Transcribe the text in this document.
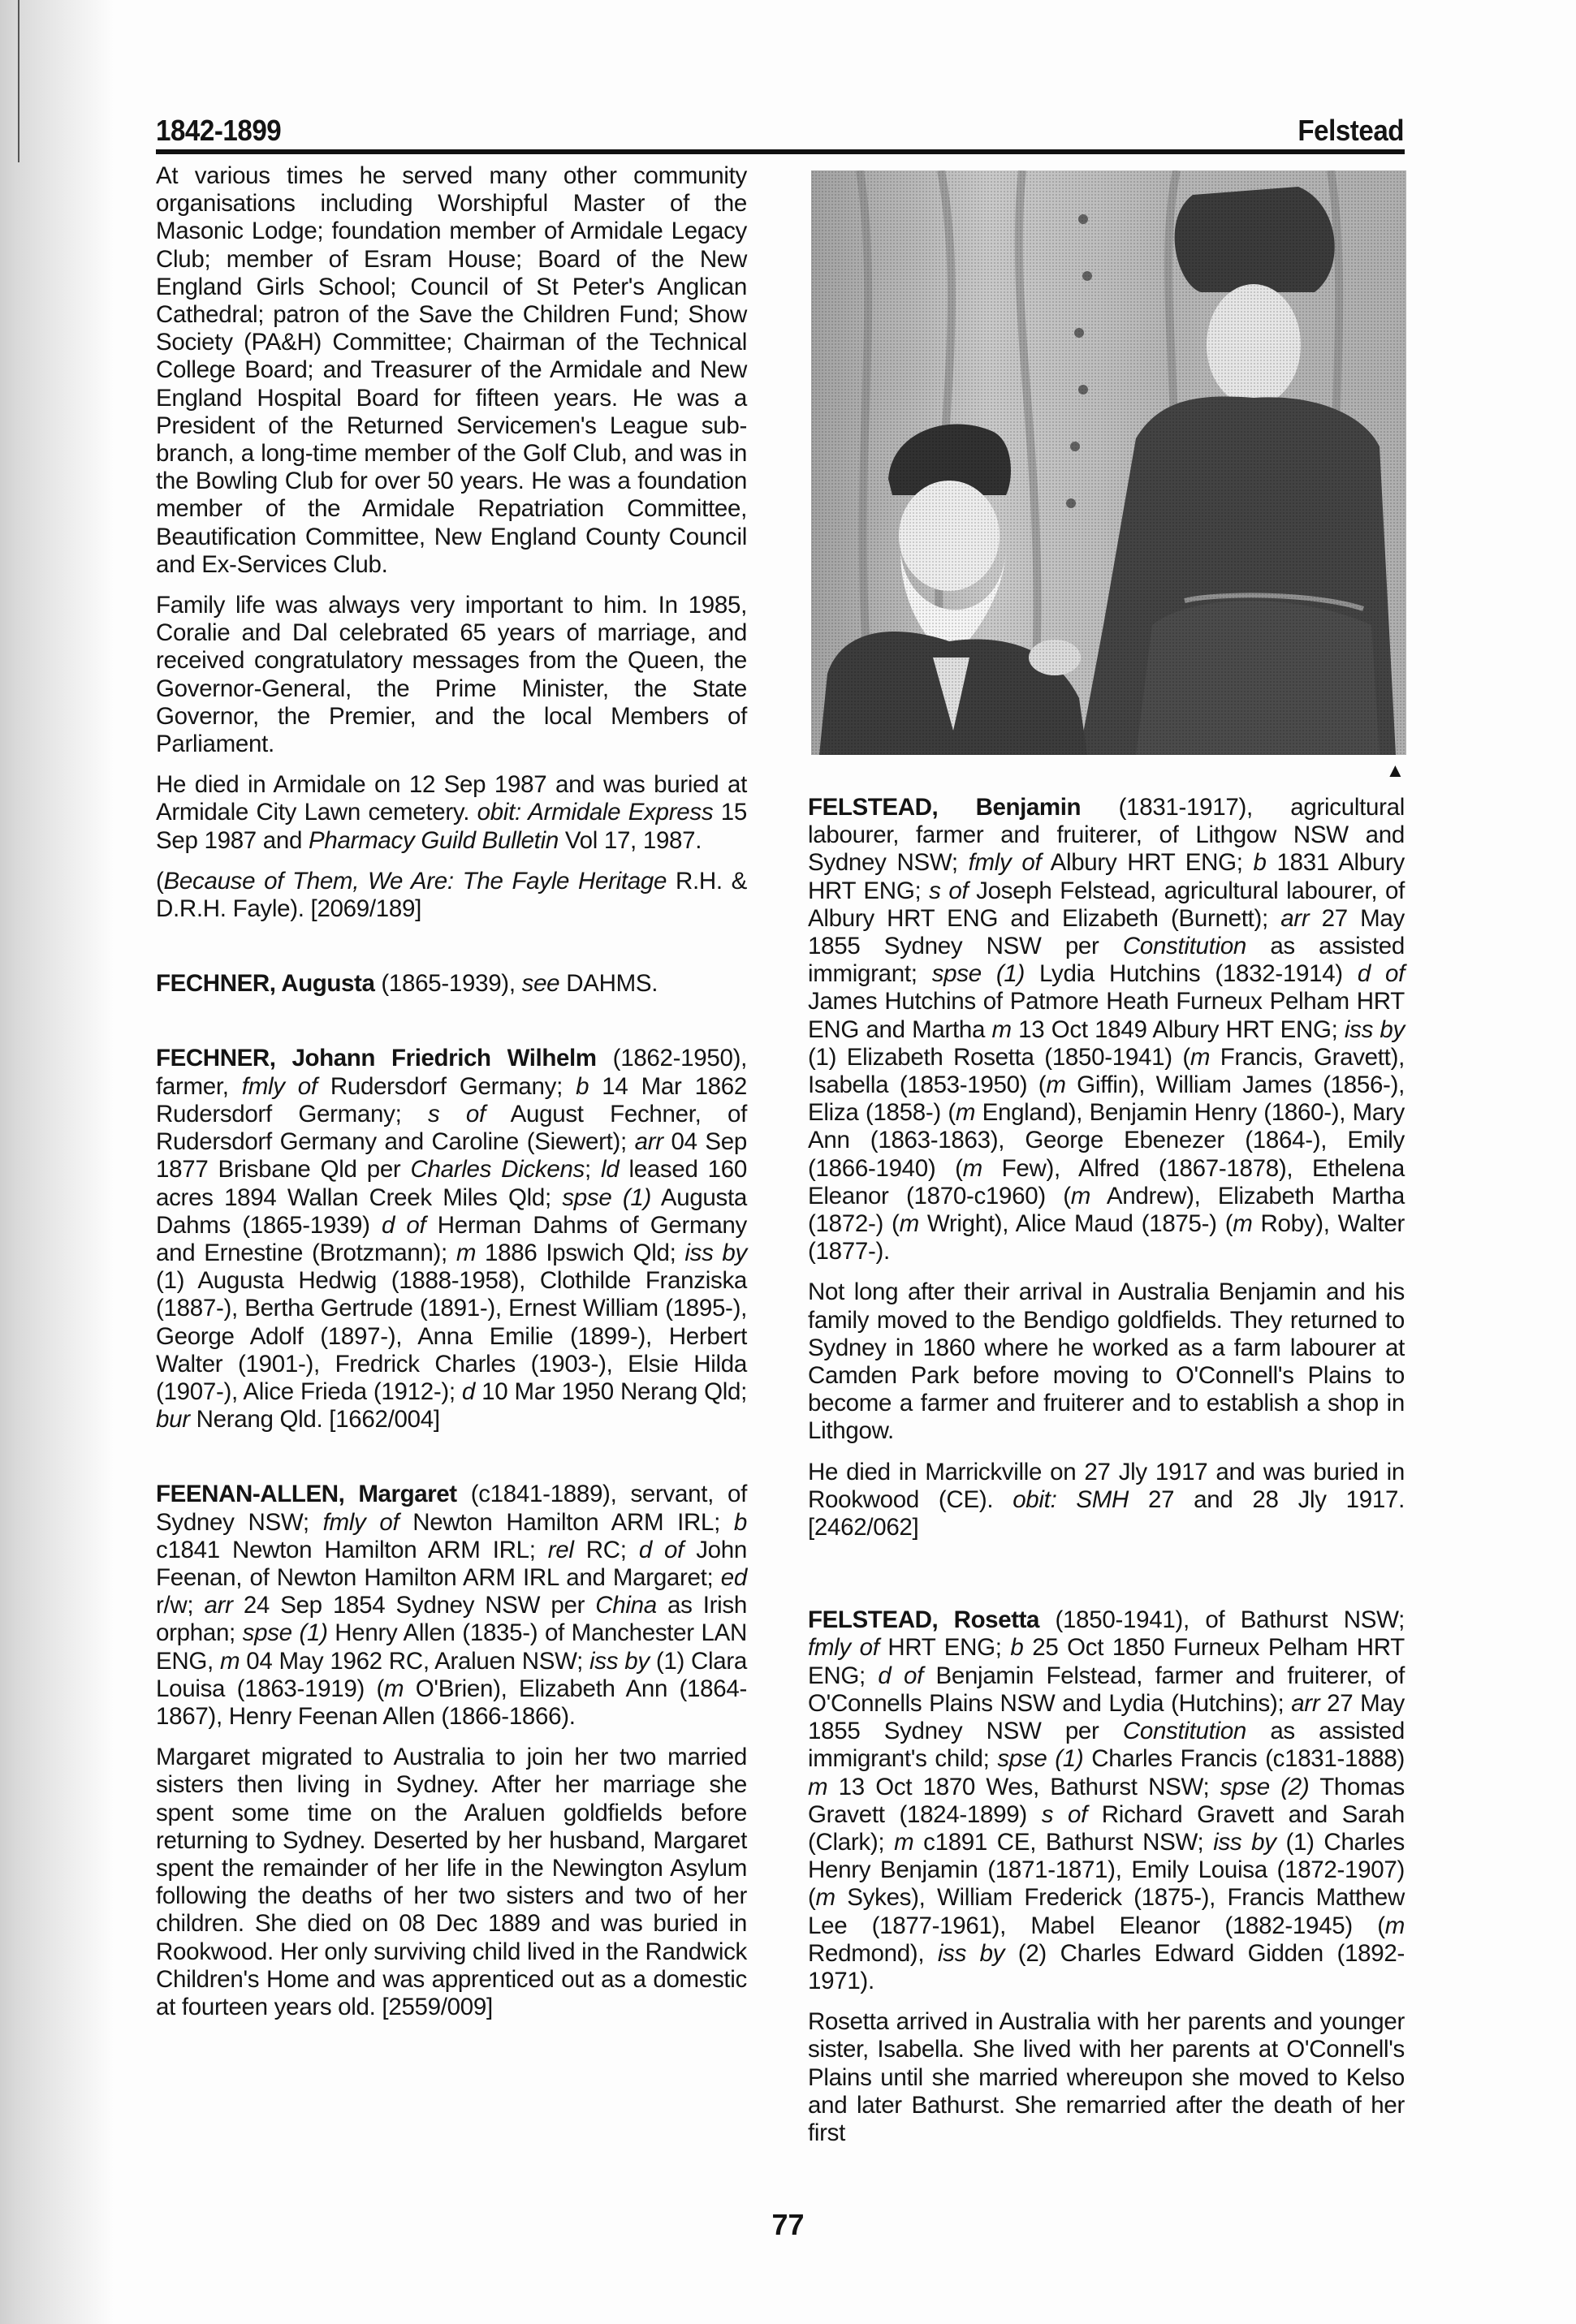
1842-1899	Felstead

At various times he served many other community organisations including Worshipful Master of the Masonic Lodge; foundation member of Armidale Legacy Club; member of Esram House; Board of the New England Girls School; Council of St Peter's Anglican Cathedral; patron of the Save the Children Fund; Show Society (PA&H) Committee; Chairman of the Technical College Board; and Treasurer of the Armidale and New England Hospital Board for fifteen years. He was a President of the Returned Servicemen's League sub-branch, a long-time member of the Golf Club, and was in the Bowling Club for over 50 years. He was a foundation member of the Armidale Repatriation Committee, Beautification Committee, New England County Council and Ex-Services Club.

Family life was always very important to him. In 1985, Coralie and Dal celebrated 65 years of marriage, and received congratulatory messages from the Queen, the Governor-General, the Prime Minister, the State Governor, the Premier, and the local Members of Parliament.

He died in Armidale on 12 Sep 1987 and was buried at Armidale City Lawn cemetery. obit: Armidale Express 15 Sep 1987 and Pharmacy Guild Bulletin Vol 17, 1987.

(Because of Them, We Are: The Fayle Heritage R.H. & D.R.H. Fayle). [2069/189]

FECHNER, Augusta (1865-1939), see DAHMS.

FECHNER, Johann Friedrich Wilhelm (1862-1950), farmer, fmly of Rudersdorf Germany; b 14 Mar 1862 Rudersdorf Germany; s of August Fechner, of Rudersdorf Germany and Caroline (Siewert); arr 04 Sep 1877 Brisbane Qld per Charles Dickens; ld leased 160 acres 1894 Wallan Creek Miles Qld; spse (1) Augusta Dahms (1865-1939) d of Herman Dahms of Germany and Ernestine (Brotzmann); m 1886 Ipswich Qld; iss by (1) Augusta Hedwig (1888-1958), Clothilde Franziska (1887-), Bertha Gertrude (1891-), Ernest William (1895-), George Adolf (1897-), Anna Emilie (1899-), Herbert Walter (1901-), Fredrick Charles (1903-), Elsie Hilda (1907-), Alice Frieda (1912-); d 10 Mar 1950 Nerang Qld; bur Nerang Qld. [1662/004]

FEENAN-ALLEN, Margaret (c1841-1889), servant, of Sydney NSW; fmly of Newton Hamilton ARM IRL; b c1841 Newton Hamilton ARM IRL; rel RC; d of John Feenan, of Newton Hamilton ARM IRL and Margaret; ed r/w; arr 24 Sep 1854 Sydney NSW per China as Irish orphan; spse (1) Henry Allen (1835-) of Manchester LAN ENG, m 04 May 1962 RC, Araluen NSW; iss by (1) Clara Louisa (1863-1919) (m O'Brien), Elizabeth Ann (1864-1867), Henry Feenan Allen (1866-1866).

Margaret migrated to Australia to join her two married sisters then living in Sydney. After her marriage she spent some time on the Araluen goldfields before returning to Sydney. Deserted by her husband, Margaret spent the remainder of her life in the Newington Asylum following the deaths of her two sisters and two of her children. She died on 08 Dec 1889 and was buried in Rookwood. Her only surviving child lived in the Randwick Children's Home and was apprenticed out as a domestic at fourteen years old. [2559/009]

▲

FELSTEAD, Benjamin (1831-1917), agricultural labourer, farmer and fruiterer, of Lithgow NSW and Sydney NSW; fmly of Albury HRT ENG; b 1831 Albury HRT ENG; s of Joseph Felstead, agricultural labourer, of Albury HRT ENG and Elizabeth (Burnett); arr 27 May 1855 Sydney NSW per Constitution as assisted immigrant; spse (1) Lydia Hutchins (1832-1914) d of James Hutchins of Patmore Heath Furneux Pelham HRT ENG and Martha m 13 Oct 1849 Albury HRT ENG; iss by (1) Elizabeth Rosetta (1850-1941) (m Francis, Gravett), Isabella (1853-1950) (m Giffin), William James (1856-), Eliza (1858-) (m England), Benjamin Henry (1860-), Mary Ann (1863-1863), George Ebenezer (1864-), Emily (1866-1940) (m Few), Alfred (1867-1878), Ethelena Eleanor (1870-c1960) (m Andrew), Elizabeth Martha (1872-) (m Wright), Alice Maud (1875-) (m Roby), Walter (1877-).

Not long after their arrival in Australia Benjamin and his family moved to the Bendigo goldfields. They returned to Sydney in 1860 where he worked as a farm labourer at Camden Park before moving to O'Connell's Plains to become a farmer and fruiterer and to establish a shop in Lithgow.

He died in Marrickville on 27 Jly 1917 and was buried in Rookwood (CE). obit: SMH 27 and 28 Jly 1917. [2462/062]

FELSTEAD, Rosetta (1850-1941), of Bathurst NSW; fmly of HRT ENG; b 25 Oct 1850 Furneux Pelham HRT ENG; d of Benjamin Felstead, farmer and fruiterer, of O'Connells Plains NSW and Lydia (Hutchins); arr 27 May 1855 Sydney NSW per Constitution as assisted immigrant's child; spse (1) Charles Francis (c1831-1888) m 13 Oct 1870 Wes, Bathurst NSW; spse (2) Thomas Gravett (1824-1899) s of Richard Gravett and Sarah (Clark); m c1891 CE, Bathurst NSW; iss by (1) Charles Henry Benjamin (1871-1871), Emily Louisa (1872-1907) (m Sykes), William Frederick (1875-), Francis Matthew Lee (1877-1961), Mabel Eleanor (1882-1945) (m Redmond), iss by (2) Charles Edward Gidden (1892-1971).

Rosetta arrived in Australia with her parents and younger sister, Isabella. She lived with her parents at O'Connell's Plains until she married whereupon she moved to Kelso and later Bathurst. She remarried after the death of her first

77
